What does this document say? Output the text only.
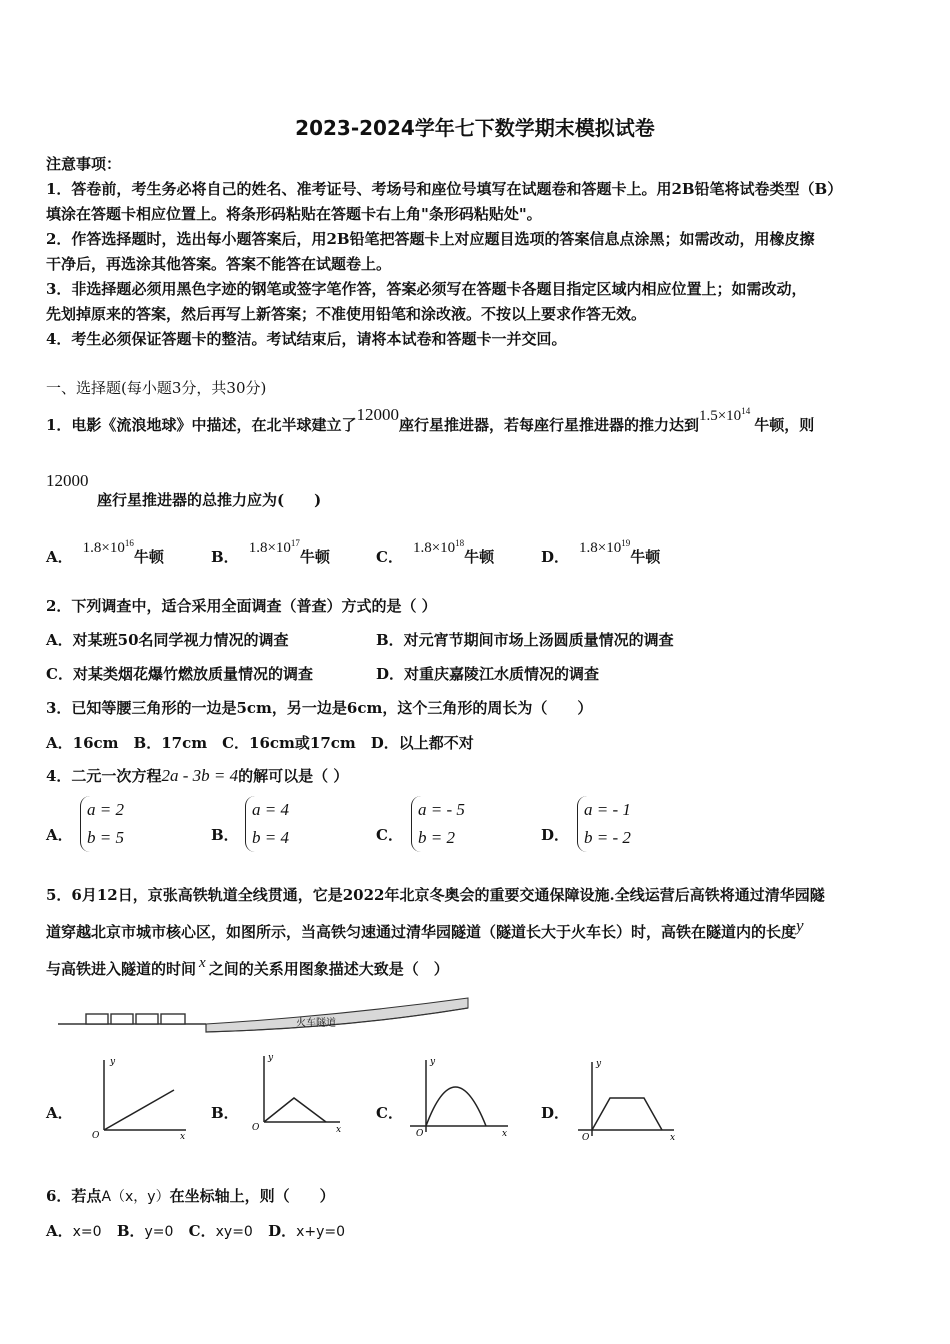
2023-2024学年七下数学期末模拟试卷
注意事项：
1．答卷前，考生务必将自己的姓名、准考证号、考场号和座位号填写在试题卷和答题卡上。用2B铅笔将试卷类型（B）
填涂在答题卡相应位置上。将条形码粘贴在答题卡右上角"条形码粘贴处"。
2．作答选择题时，选出每小题答案后，用2B铅笔把答题卡上对应题目选项的答案信息点涂黑；如需改动，用橡皮擦
干净后，再选涂其他答案。答案不能答在试题卷上。
3．非选择题必须用黑色字迹的钢笔或签字笔作答，答案必须写在答题卡各题目指定区域内相应位置上；如需改动，
先划掉原来的答案，然后再写上新答案；不准使用铅笔和涂改液。不按以上要求作答无效。
4．考生必须保证答题卡的整洁。考试结束后，请将本试卷和答题卡一并交回。
一、选择题(每小题3分，共30分)
1．电影《流浪地球》中描述，在北半球建立了12000座行星推进器，若每座行星推进器的推力达到$1.5\times 10^{14}$牛顿，则
12000
座行星推进器的总推力应为(　　)
A． $1.8\times 10^{16}$牛顿	B． $1.8\times 10^{17}$牛顿	C． $1.8\times 10^{18}$牛顿	D． $1.8\times 10^{19}$牛顿
2．下列调查中，适合采用全面调查（普查）方式的是（ ）
A．对某班50名同学视力情况的调查	B．对元宵节期间市场上汤圆质量情况的调查
C．对某类烟花爆竹燃放质量情况的调查	D．对重庆嘉陵江水质情况的调查
3．已知等腰三角形的一边是5cm，另一边是6cm，这个三角形的周长为（　　）
A．16cm　B．17cm　C．16cm或17cm　D．以上都不对
4．二元一次方程2a - 3b = 4的解可以是（ ）
A．
a = 2
b = 5	B．
a = 4
b = 4	C．
a = - 5
b = 2	D．
a = - 1
b = - 2
5．6月12日，京张高铁轨道全线贯通，它是2022年北京冬奥会的重要交通保障设施.全线运营后高铁将通过清华园隧
道穿越北京市城市核心区，如图所示，当高铁匀速通过清华园隧道（隧道长大于火车长）时，高铁在隧道内的长度y
与高铁进入隧道的时间 x 之间的关系用图象描述大致是（　）
火车隧道
A．
y
x
O
B．
y
x
O
C．
y
x
O
D．
y
x
O
6．若点A（x，y）在坐标轴上，则（　　）
A．x=0 B．y=0 C．xy=0 D．x+y=0
